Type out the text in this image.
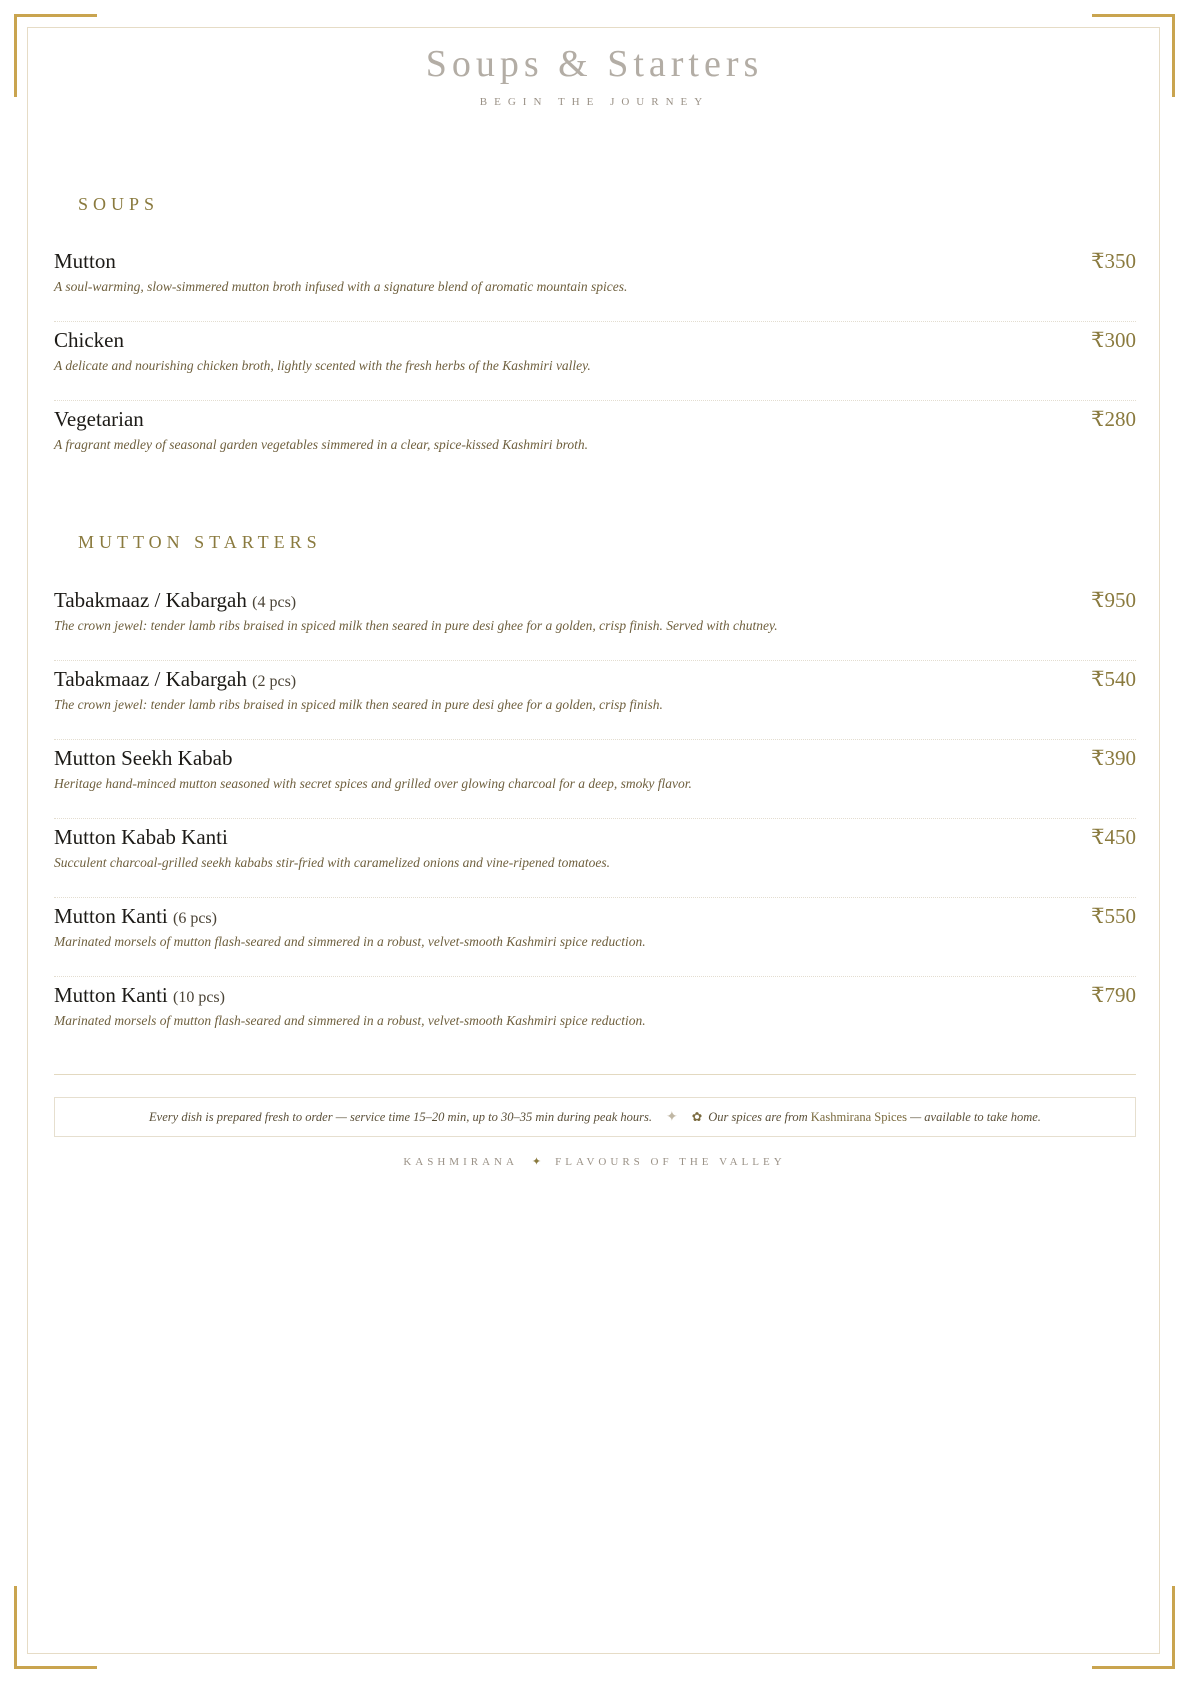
Soups & Starters
BEGIN THE JOURNEY
SOUPS
Mutton	₹350
A soul-warming, slow-simmered mutton broth infused with a signature blend of aromatic mountain spices.
Chicken	₹300
A delicate and nourishing chicken broth, lightly scented with the fresh herbs of the Kashmiri valley.
Vegetarian	₹280
A fragrant medley of seasonal garden vegetables simmered in a clear, spice-kissed Kashmiri broth.
MUTTON STARTERS
Tabakmaaz / Kabargah (4 pcs)	₹950
The crown jewel: tender lamb ribs braised in spiced milk then seared in pure desi ghee for a golden, crisp finish. Served with chutney.
Tabakmaaz / Kabargah (2 pcs)	₹540
The crown jewel: tender lamb ribs braised in spiced milk then seared in pure desi ghee for a golden, crisp finish.
Mutton Seekh Kabab	₹390
Heritage hand-minced mutton seasoned with secret spices and grilled over glowing charcoal for a deep, smoky flavor.
Mutton Kabab Kanti	₹450
Succulent charcoal-grilled seekh kababs stir-fried with caramelized onions and vine-ripened tomatoes.
Mutton Kanti (6 pcs)	₹550
Marinated morsels of mutton flash-seared and simmered in a robust, velvet-smooth Kashmiri spice reduction.
Mutton Kanti (10 pcs)	₹790
Marinated morsels of mutton flash-seared and simmered in a robust, velvet-smooth Kashmiri spice reduction.
Every dish is prepared fresh to order — service time 15–20 min, up to 30–35 min during peak hours. ✦ ✿ Our spices are from
Kashmirana Spices
— available to take home.
KASHMIRANA ✦ FLAVOURS OF THE VALLEY
